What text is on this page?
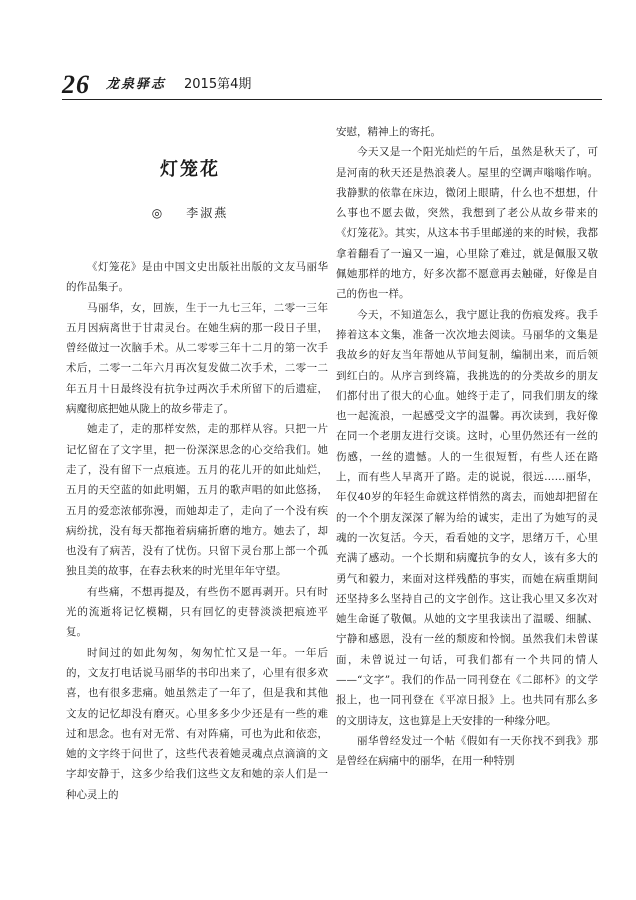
26 龙泉驿志 2015第4期
灯笼花
◎ 李淑燕

《灯笼花》是由中国文史出版社出版的文友马丽华的作品集子。

马丽华，女，回族，生于一九七三年，二零一三年五月因病离世于甘肃灵台。在她生病的那一段日子里，曾经做过一次脑手术。从二零零三年十二月的第一次手术后，二零一二年六月再次复发做二次手术，二零一二年五月十日最终没有抗争过两次手术所留下的后遗症，病魔彻底把她从陇上的故乡带走了。

她走了，走的那样安然，走的那样从容。只把一片记忆留在了文字里，把一份深深思念的心交给我们。她走了，没有留下一点痕迹。五月的花儿开的如此灿烂，五月的天空蓝的如此明媚，五月的歌声唱的如此悠扬，五月的爱恋浓郁弥漫，而她却走了，走向了一个没有疾病纷扰，没有每天都拖着病痛折磨的地方。她去了，却也没有了病苦，没有了忧伤。只留下灵台那上部一个孤独且美的故事，在春去秋来的时光里年年守望。

有些痛，不想再提及，有些伤不愿再剥开。只有时光的流逝将记忆模糊，只有回忆的吏替淡淡把痕迹平复。

时间过的如此匆匆，匆匆忙忙又是一年。一年后的，文友打电话说马丽华的书印出来了，心里有很多欢喜，也有很多悲痛。她虽然走了一年了，但是我和其他文友的记忆却没有磨灭。心里多多少少还是有一些的难过和思念。也有对无常、有对阵痛，可也为此和依恋，她的文字终于问世了，这些代表着她灵魂点点滴滴的文字却安静于，这多少给我们这些文友和她的亲人们是一种心灵上的

安慰，精神上的寄托。

今天又是一个阳光灿烂的午后，虽然是秋天了，可是河南的秋天还是热浪袭人。屋里的空调声嗡嗡作响。我静默的依靠在床边，微闭上眼睛，什么也不想想，什么事也不愿去做，突然，我想到了老公从故乡带来的《灯笼花》。其实，从这本书手里邮递的来的时候，我都拿着翻看了一遍又一遍，心里除了难过，就是佩服又敬佩她那样的地方，好多次都不愿意再去触碰，好像是自己的伤也一样。

今天，不知道怎么，我宁愿让我的伤痕发疼。我手捧着这本文集，准备一次次地去阅读。马丽华的文集是我故乡的好友当年帮她从节间复制，编制出来，而后领到红白的。从序言到终篇，我挑选的的分类故乡的朋友们都付出了很大的心血。她终于走了，同我们朋友的缘也一起流浪，一起感受文字的温馨。再次读到，我好像在同一个老朋友进行交谈。这时，心里仍然还有一丝的伤感，一丝的遗憾。人的一生很短暂，有些人还在路上，而有些人早离开了路。走的说说，很远……丽华，年仅40岁的年轻生命就这样悄然的离去，而她却把留在的一个个朋友深深了解为给的诚实，走出了为她写的灵魂的一次复活。今天，看看她的文字，思绪万千，心里充满了感动。一个长期和病魔抗争的女人，该有多大的勇气和毅力，来面对这样残酷的事实，而她在病重期间还坚持多么坚持自己的文字创作。这让我心里又多次对她生命诞了敬佩。从她的文字里我读出了温暖、细腻、宁静和感恩，没有一丝的颓废和怜悯。虽然我们未曾谋面，未曾说过一句话，可我们都有一个共同的情人——“文字”。我们的作品一同刊登在《二郎杯》的文学报上，也一同刊登在《平凉日报》上。也共同有那么多的文朋诗友，这也算是上天安排的一种缘分吧。

丽华曾经发过一个帖《假如有一天你找不到我》那是曾经在病痛中的丽华，在用一种特别
